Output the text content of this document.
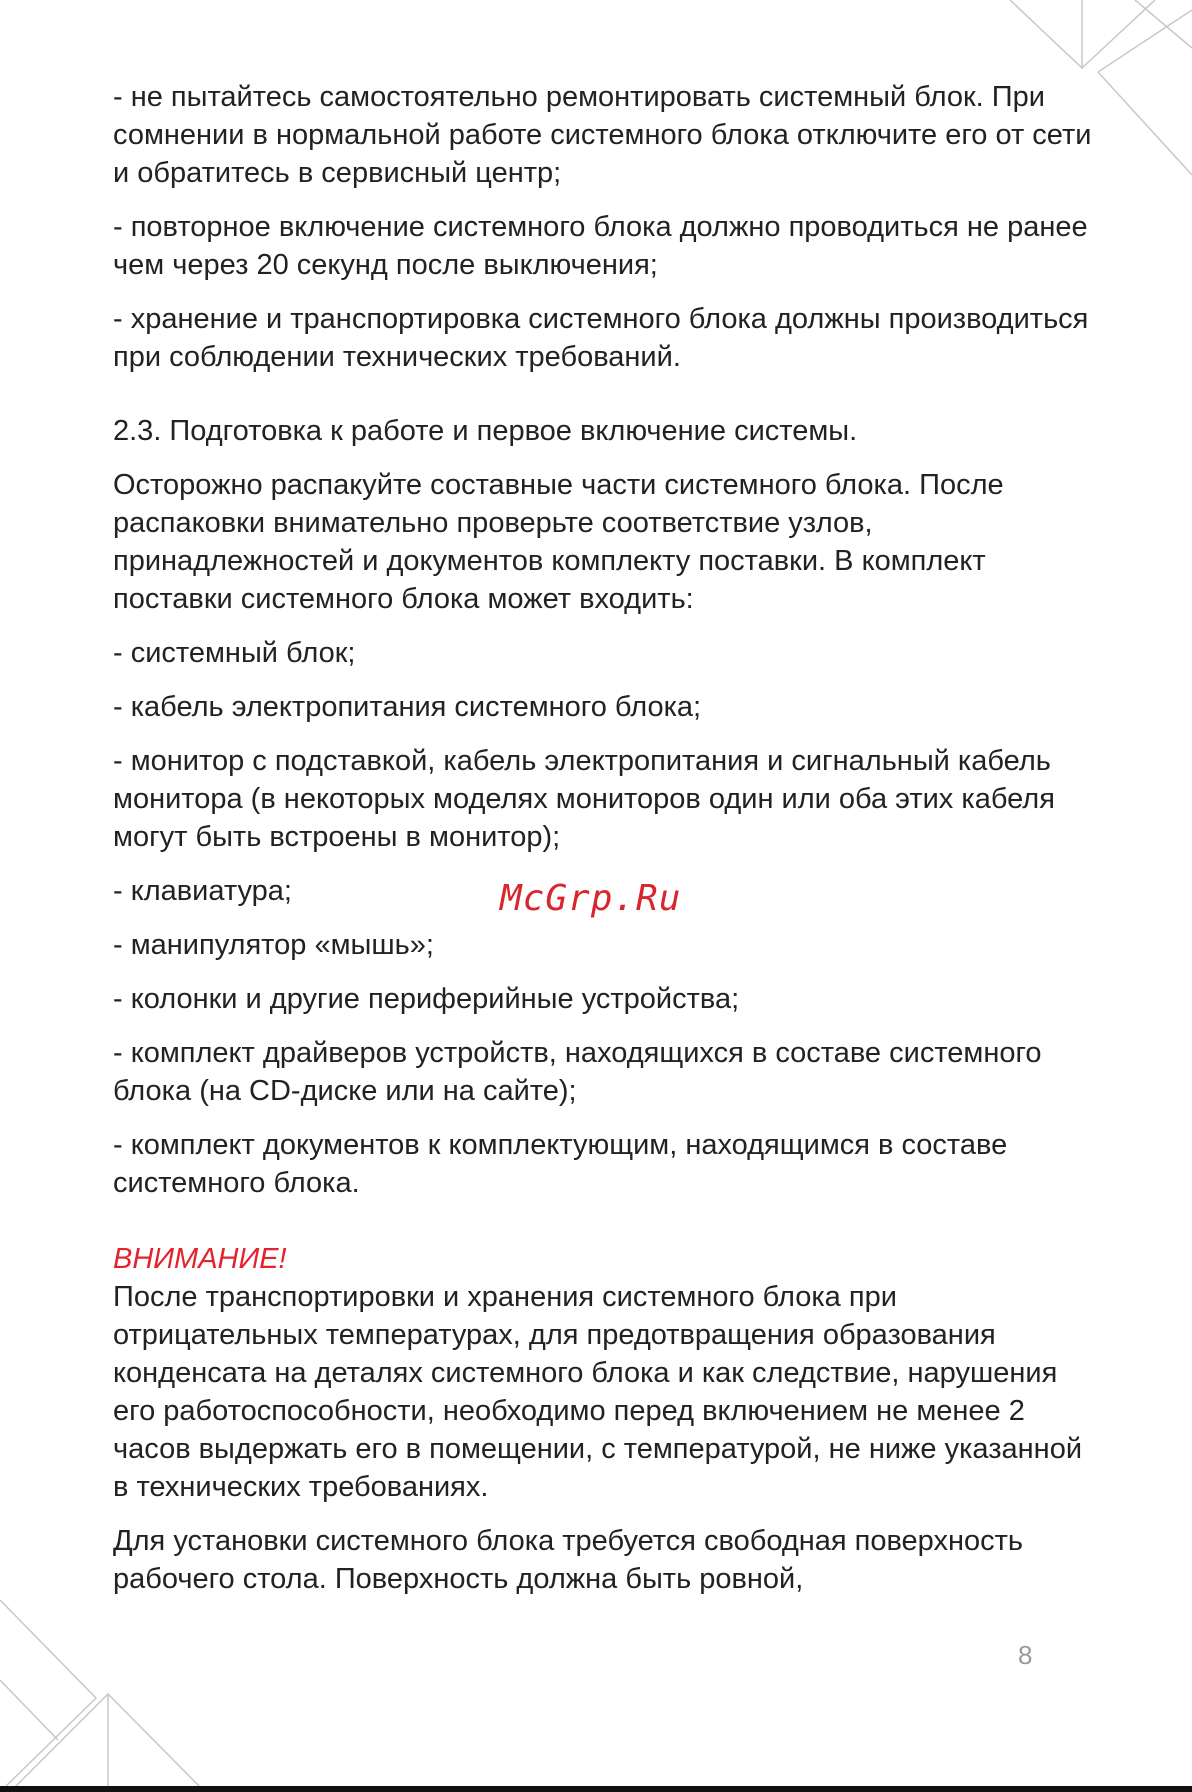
- не пытайтесь самостоятельно ремонтировать системный блок. При сомнении в нормальной работе системного блока отключите его от сети и обратитесь в сервисный центр;

- повторное включение системного блока должно проводиться не ранее чем через 20 секунд после выключения;

- хранение и транспортировка системного блока должны производиться при соблюдении технических требований.

2.3. Подготовка к работе и первое включение системы.

Осторожно распакуйте составные части системного блока. После распаковки внимательно проверьте соответствие узлов, принадлежностей и документов комплекту поставки. В комплект поставки системного блока может входить:

- системный блок;

- кабель электропитания системного блока;

- монитор с подставкой, кабель электропитания и сигнальный кабель монитора (в некоторых моделях мониторов один или оба этих кабеля могут быть встроены в монитор);

- клавиатура;

- манипулятор «мышь»;

- колонки и другие периферийные устройства;

- комплект драйверов устройств, находящихся в составе системного блока (на CD-диске или на сайте);

- комплект документов к комплектующим, находящимся в составе системного блока.

ВНИМАНИЕ!

После транспортировки и хранения системного блока при отрицательных температурах, для предотвращения образования конденсата на деталях системного блока и как следствие, нарушения его работоспособности, необходимо перед включением не менее 2 часов выдержать его в помещении, с температурой, не ниже указанной в технических требованиях.

Для установки системного блока требуется свободная поверхность рабочего стола. Поверхность должна быть ровной,

McGrp.Ru
8
